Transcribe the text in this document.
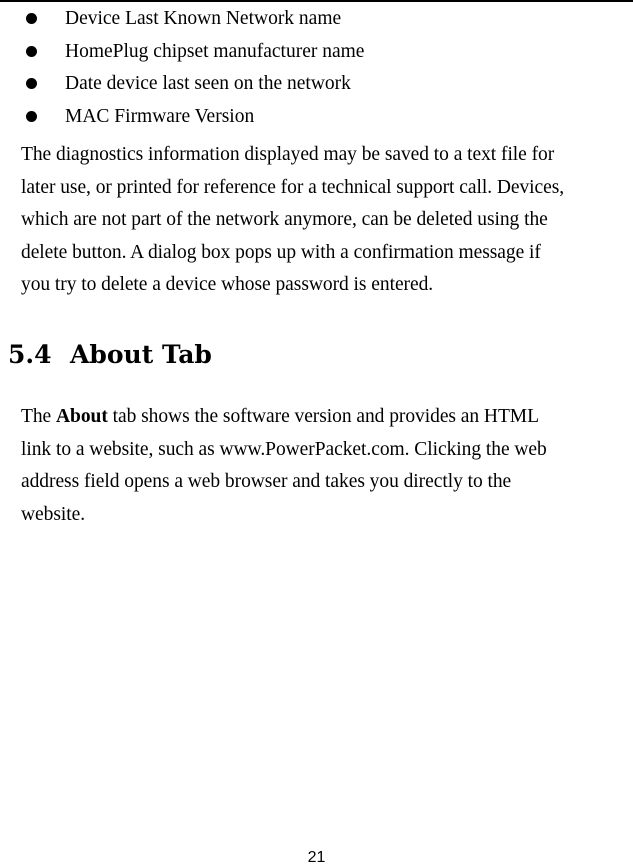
Device Last Known Network name
HomePlug chipset manufacturer name
Date device last seen on the network
MAC Firmware Version

The diagnostics information displayed may be saved to a text file for
later use, or printed for reference for a technical support call. Devices,
which are not part of the network anymore, can be deleted using the
delete button. A dialog box pops up with a confirmation message if
you try to delete a device whose password is entered.

5.4 About Tab

The About tab shows the software version and provides an HTML
link to a website, such as www.PowerPacket.com. Clicking the web
address field opens a web browser and takes you directly to the
website.

21
